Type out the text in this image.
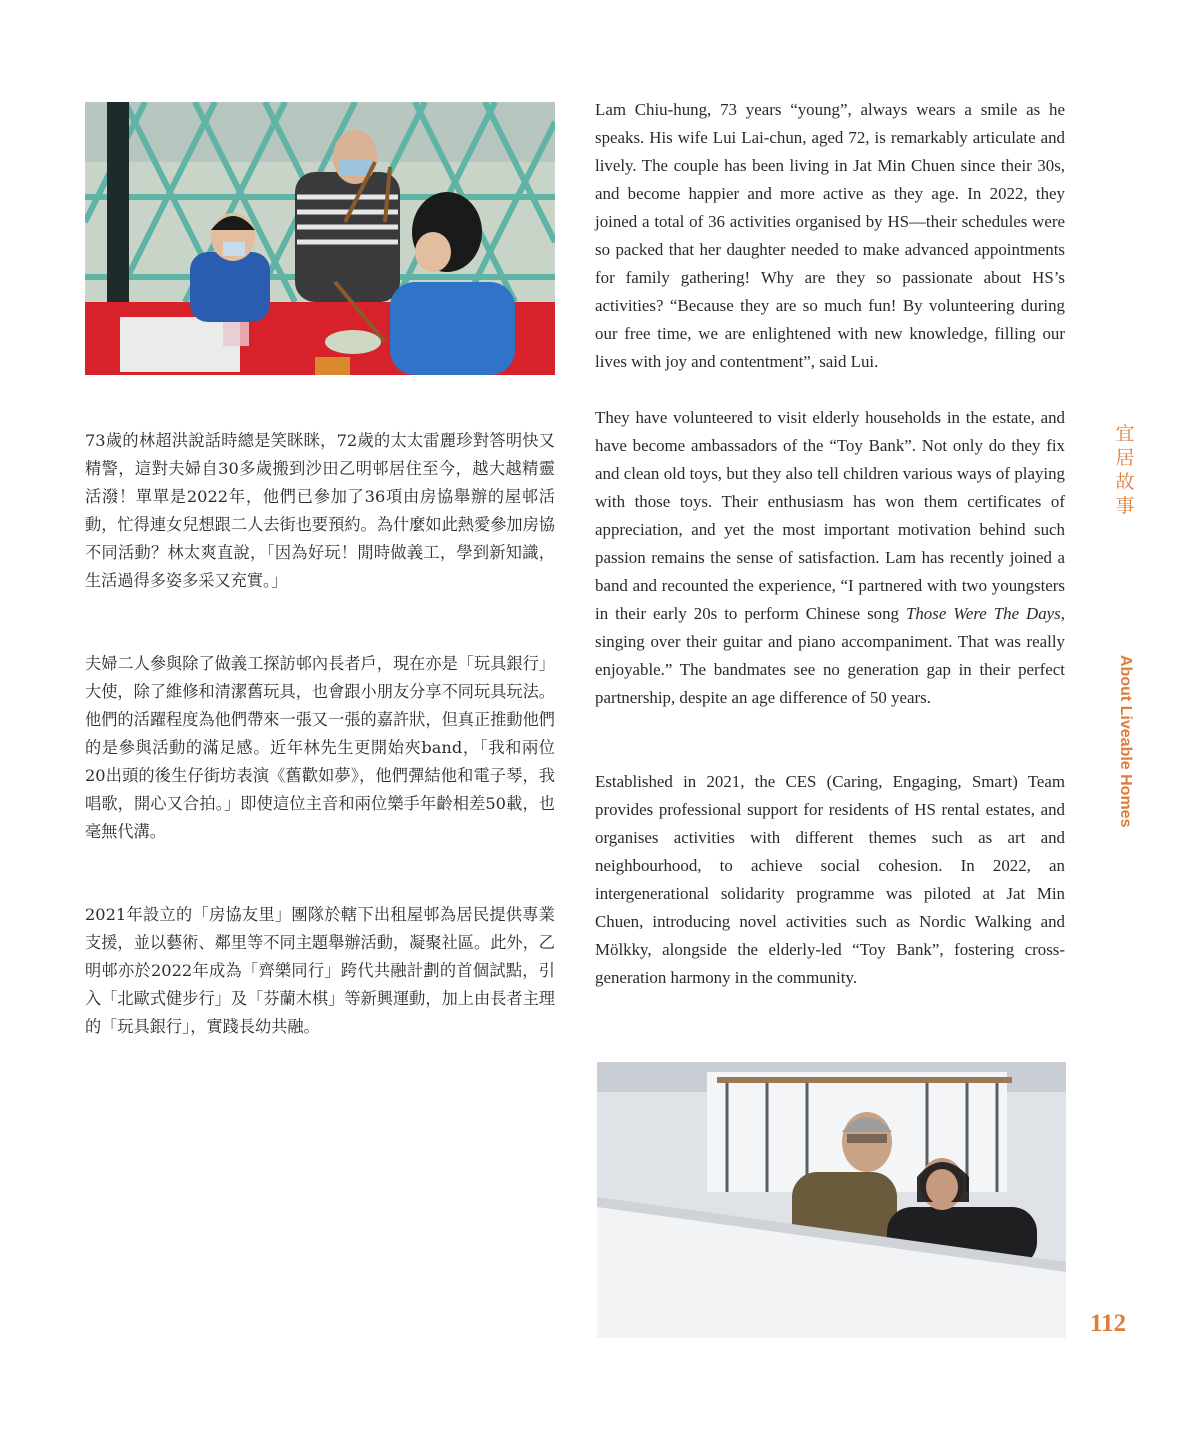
73歲的林超洪說話時總是笑眯眯，72歲的太太雷麗珍對答明快又精警，這對夫婦自30多歲搬到沙田乙明邨居住至今，越大越精靈活潑！單單是2022年，他們已參加了36項由房協舉辦的屋邨活動，忙得連女兒想跟二人去街也要預約。為什麼如此熱愛參加房協不同活動？林太爽直說，「因為好玩！閒時做義工，學到新知識，生活過得多姿多采又充實。」

夫婦二人參與除了做義工探訪邨內長者戶，現在亦是「玩具銀行」大使，除了維修和清潔舊玩具，也會跟小朋友分享不同玩具玩法。他們的活躍程度為他們帶來一張又一張的嘉許狀，但真正推動他們的是參與活動的滿足感。近年林先生更開始夾band，「我和兩位20出頭的後生仔街坊表演《舊歡如夢》，他們彈結他和電子琴，我唱歌，開心又合拍。」即使這位主音和兩位樂手年齡相差50載，也毫無代溝。

2021年設立的「房協友里」團隊於轄下出租屋邨為居民提供專業支援，並以藝術、鄰里等不同主題舉辦活動，凝聚社區。此外，乙明邨亦於2022年成為「齊樂同行」跨代共融計劃的首個試點，引入「北歐式健步行」及「芬蘭木棋」等新興運動，加上由長者主理的「玩具銀行」，實踐長幼共融。

Lam Chiu-hung, 73 years “young”, always wears a smile as he speaks. His wife Lui Lai-chun, aged 72, is remarkably articulate and lively. The couple has been living in Jat Min Chuen since their 30s, and become happier and more active as they age. In 2022, they joined a total of 36 activities organised by HS—their schedules were so packed that her daughter needed to make advanced appointments for family gathering! Why are they so passionate about HS’s activities? “Because they are so much fun! By volunteering during our free time, we are enlightened with new knowledge, filling our lives with joy and contentment”, said Lui.

They have volunteered to visit elderly households in the estate, and have become ambassadors of the “Toy Bank”. Not only do they fix and clean old toys, but they also tell children various ways of playing with those toys. Their enthusiasm has won them certificates of appreciation, and yet the most important motivation behind such passion remains the sense of satisfaction. Lam has recently joined a band and recounted the experience, “I partnered with two youngsters in their early 20s to perform Chinese song Those Were The Days, singing over their guitar and piano accompaniment. That was really enjoyable.” The bandmates see no generation gap in their perfect partnership, despite an age difference of 50 years.

Established in 2021, the CES (Caring, Engaging, Smart) Team provides professional support for residents of HS rental estates, and organises activities with different themes such as art and neighbourhood, to achieve social cohesion. In 2022, an intergenerational solidarity programme was piloted at Jat Min Chuen, introducing novel activities such as Nordic Walking and Mölkky, alongside the elderly-led “Toy Bank”, fostering cross-generation harmony in the community.

宜
居
故
事
About Liveable Homes
112
